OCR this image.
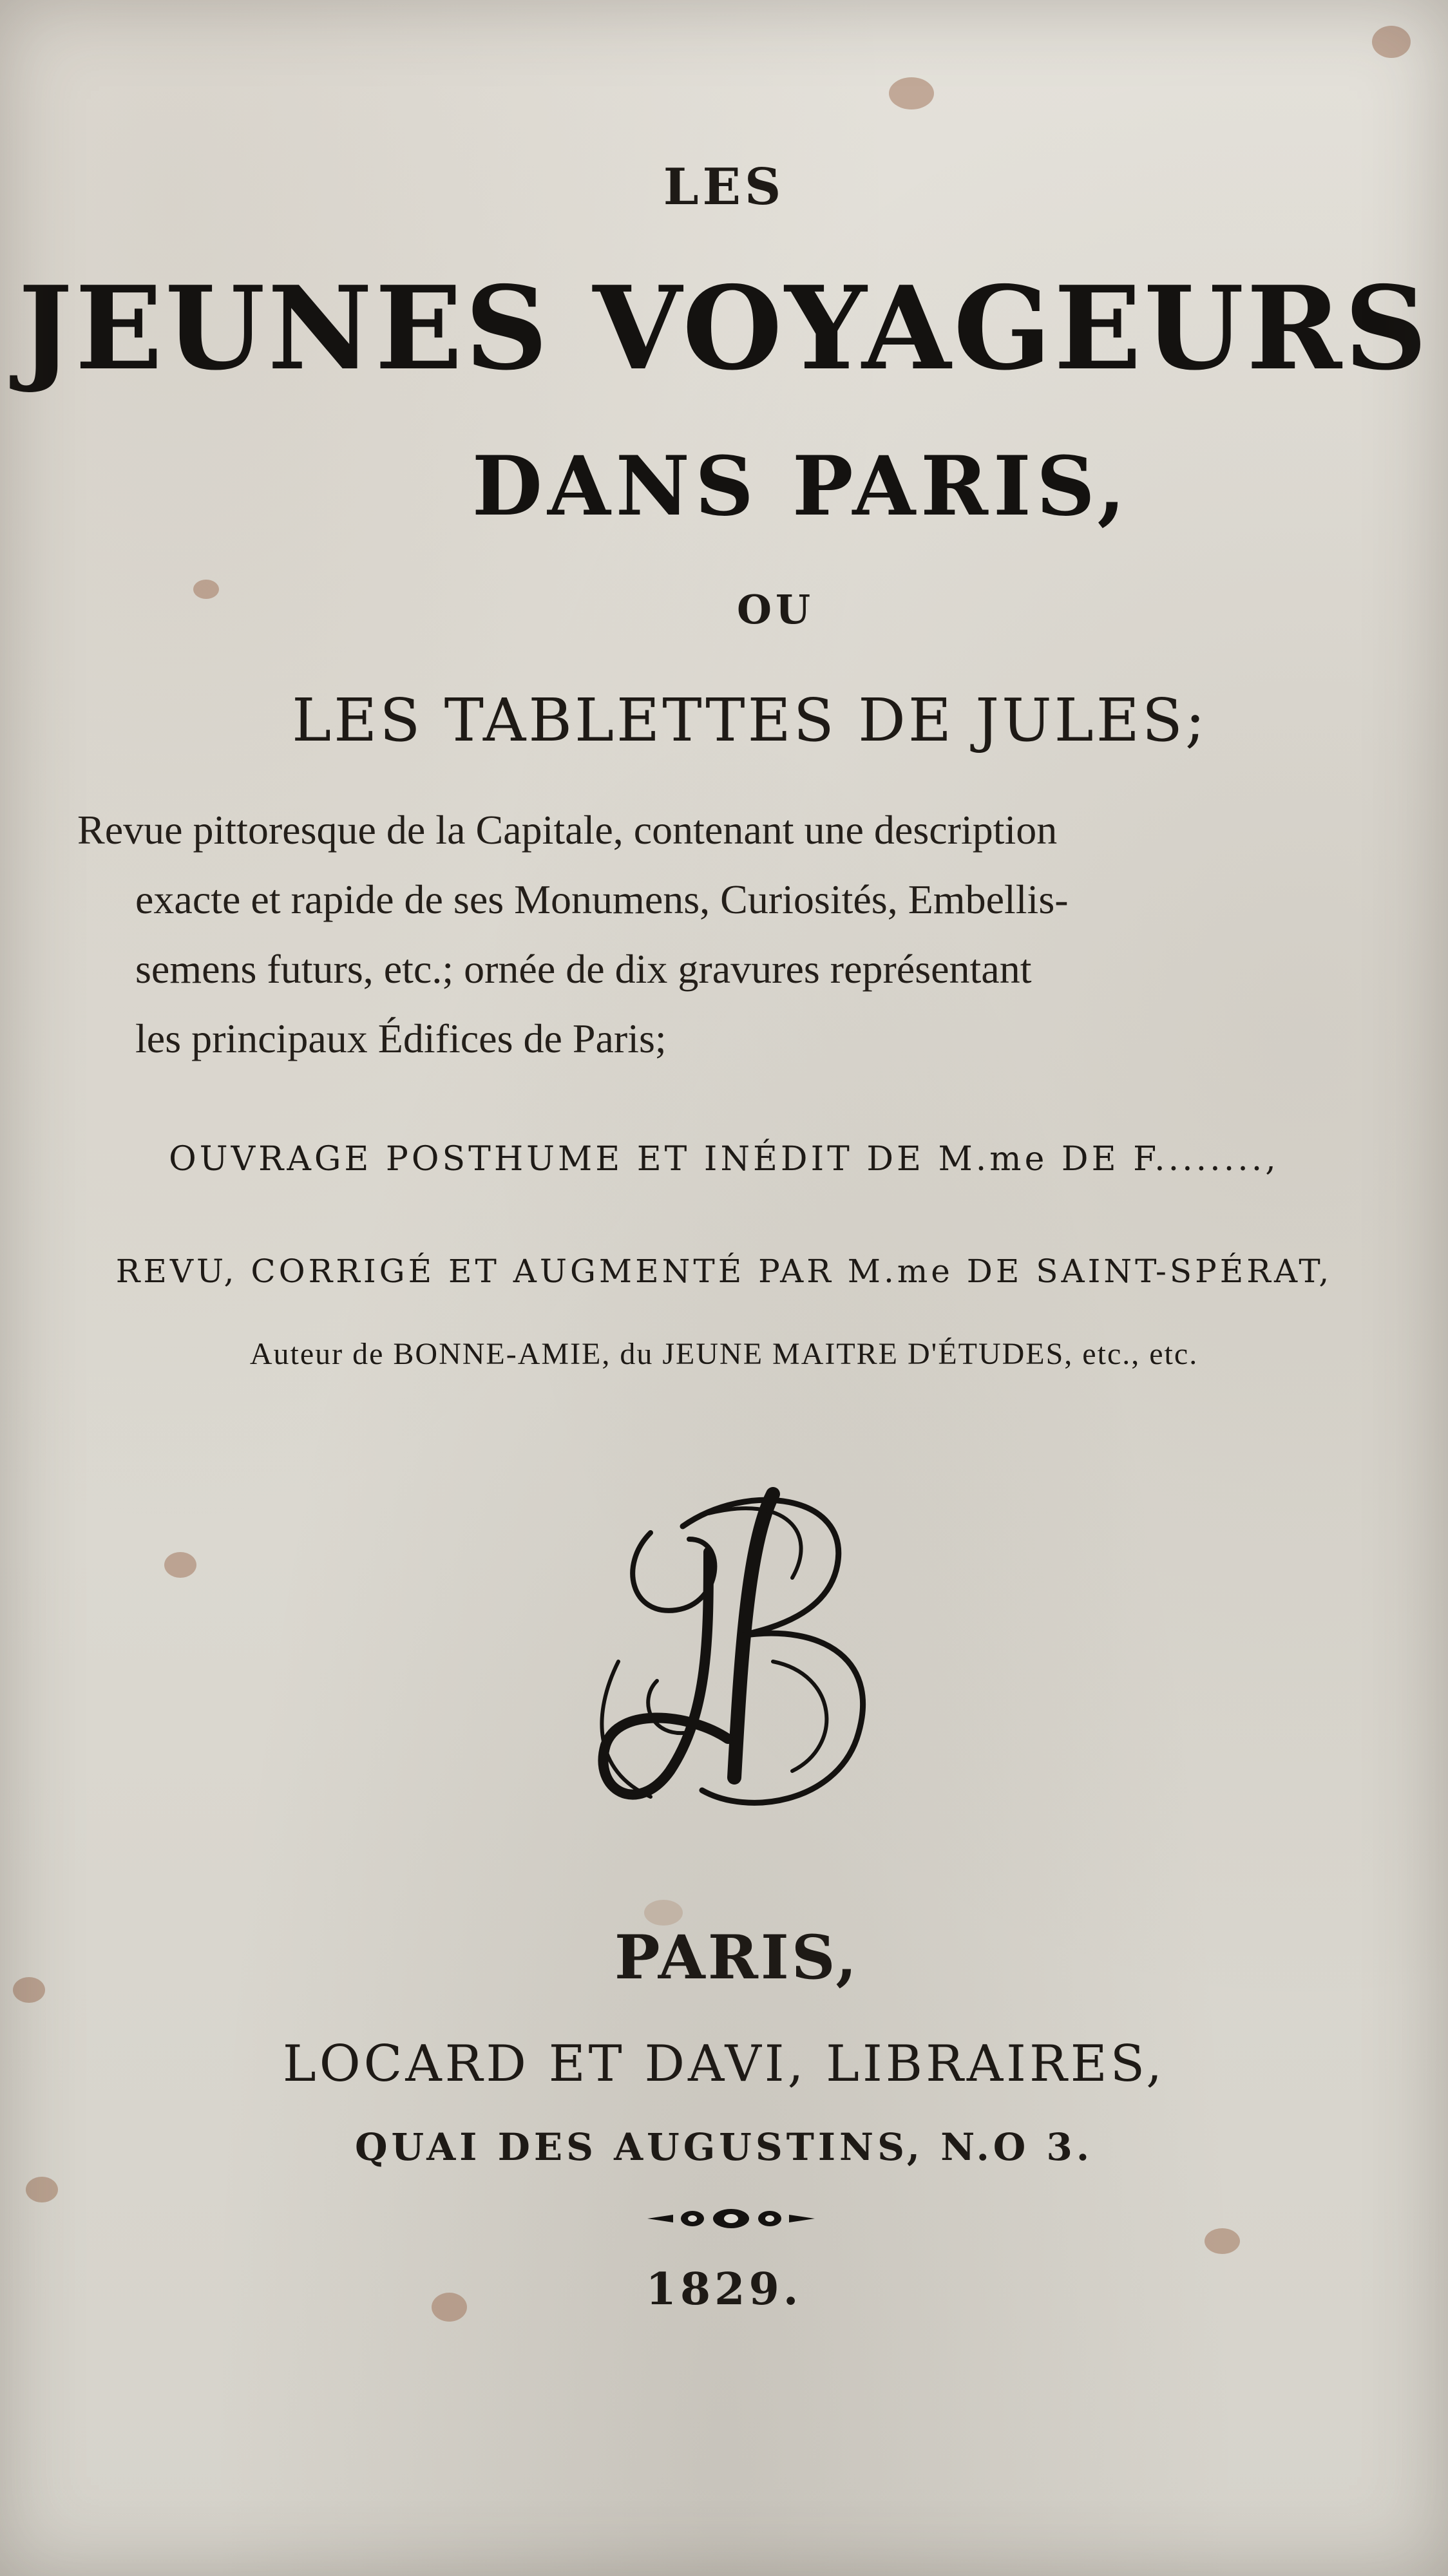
LES

JEUNES VOYAGEURS

DANS PARIS,

OU

LES TABLETTES DE JULES;

Revue pittoresque de la Capitale, contenant une description
exacte et rapide de ses Monumens, Curiosités, Embellis-
semens futurs, etc.; ornée de dix gravures représentant
les principaux Édifices de Paris;

OUVRAGE POSTHUME ET INÉDIT DE M.me DE F........,

REVU, CORRIGÉ ET AUGMENTÉ PAR M.me DE SAINT-SPÉRAT,

Auteur de BONNE-AMIE, du JEUNE MAITRE D'ÉTUDES, etc., etc.

PARIS,

LOCARD ET DAVI, LIBRAIRES,

QUAI DES AUGUSTINS, N.O 3.

1829.
